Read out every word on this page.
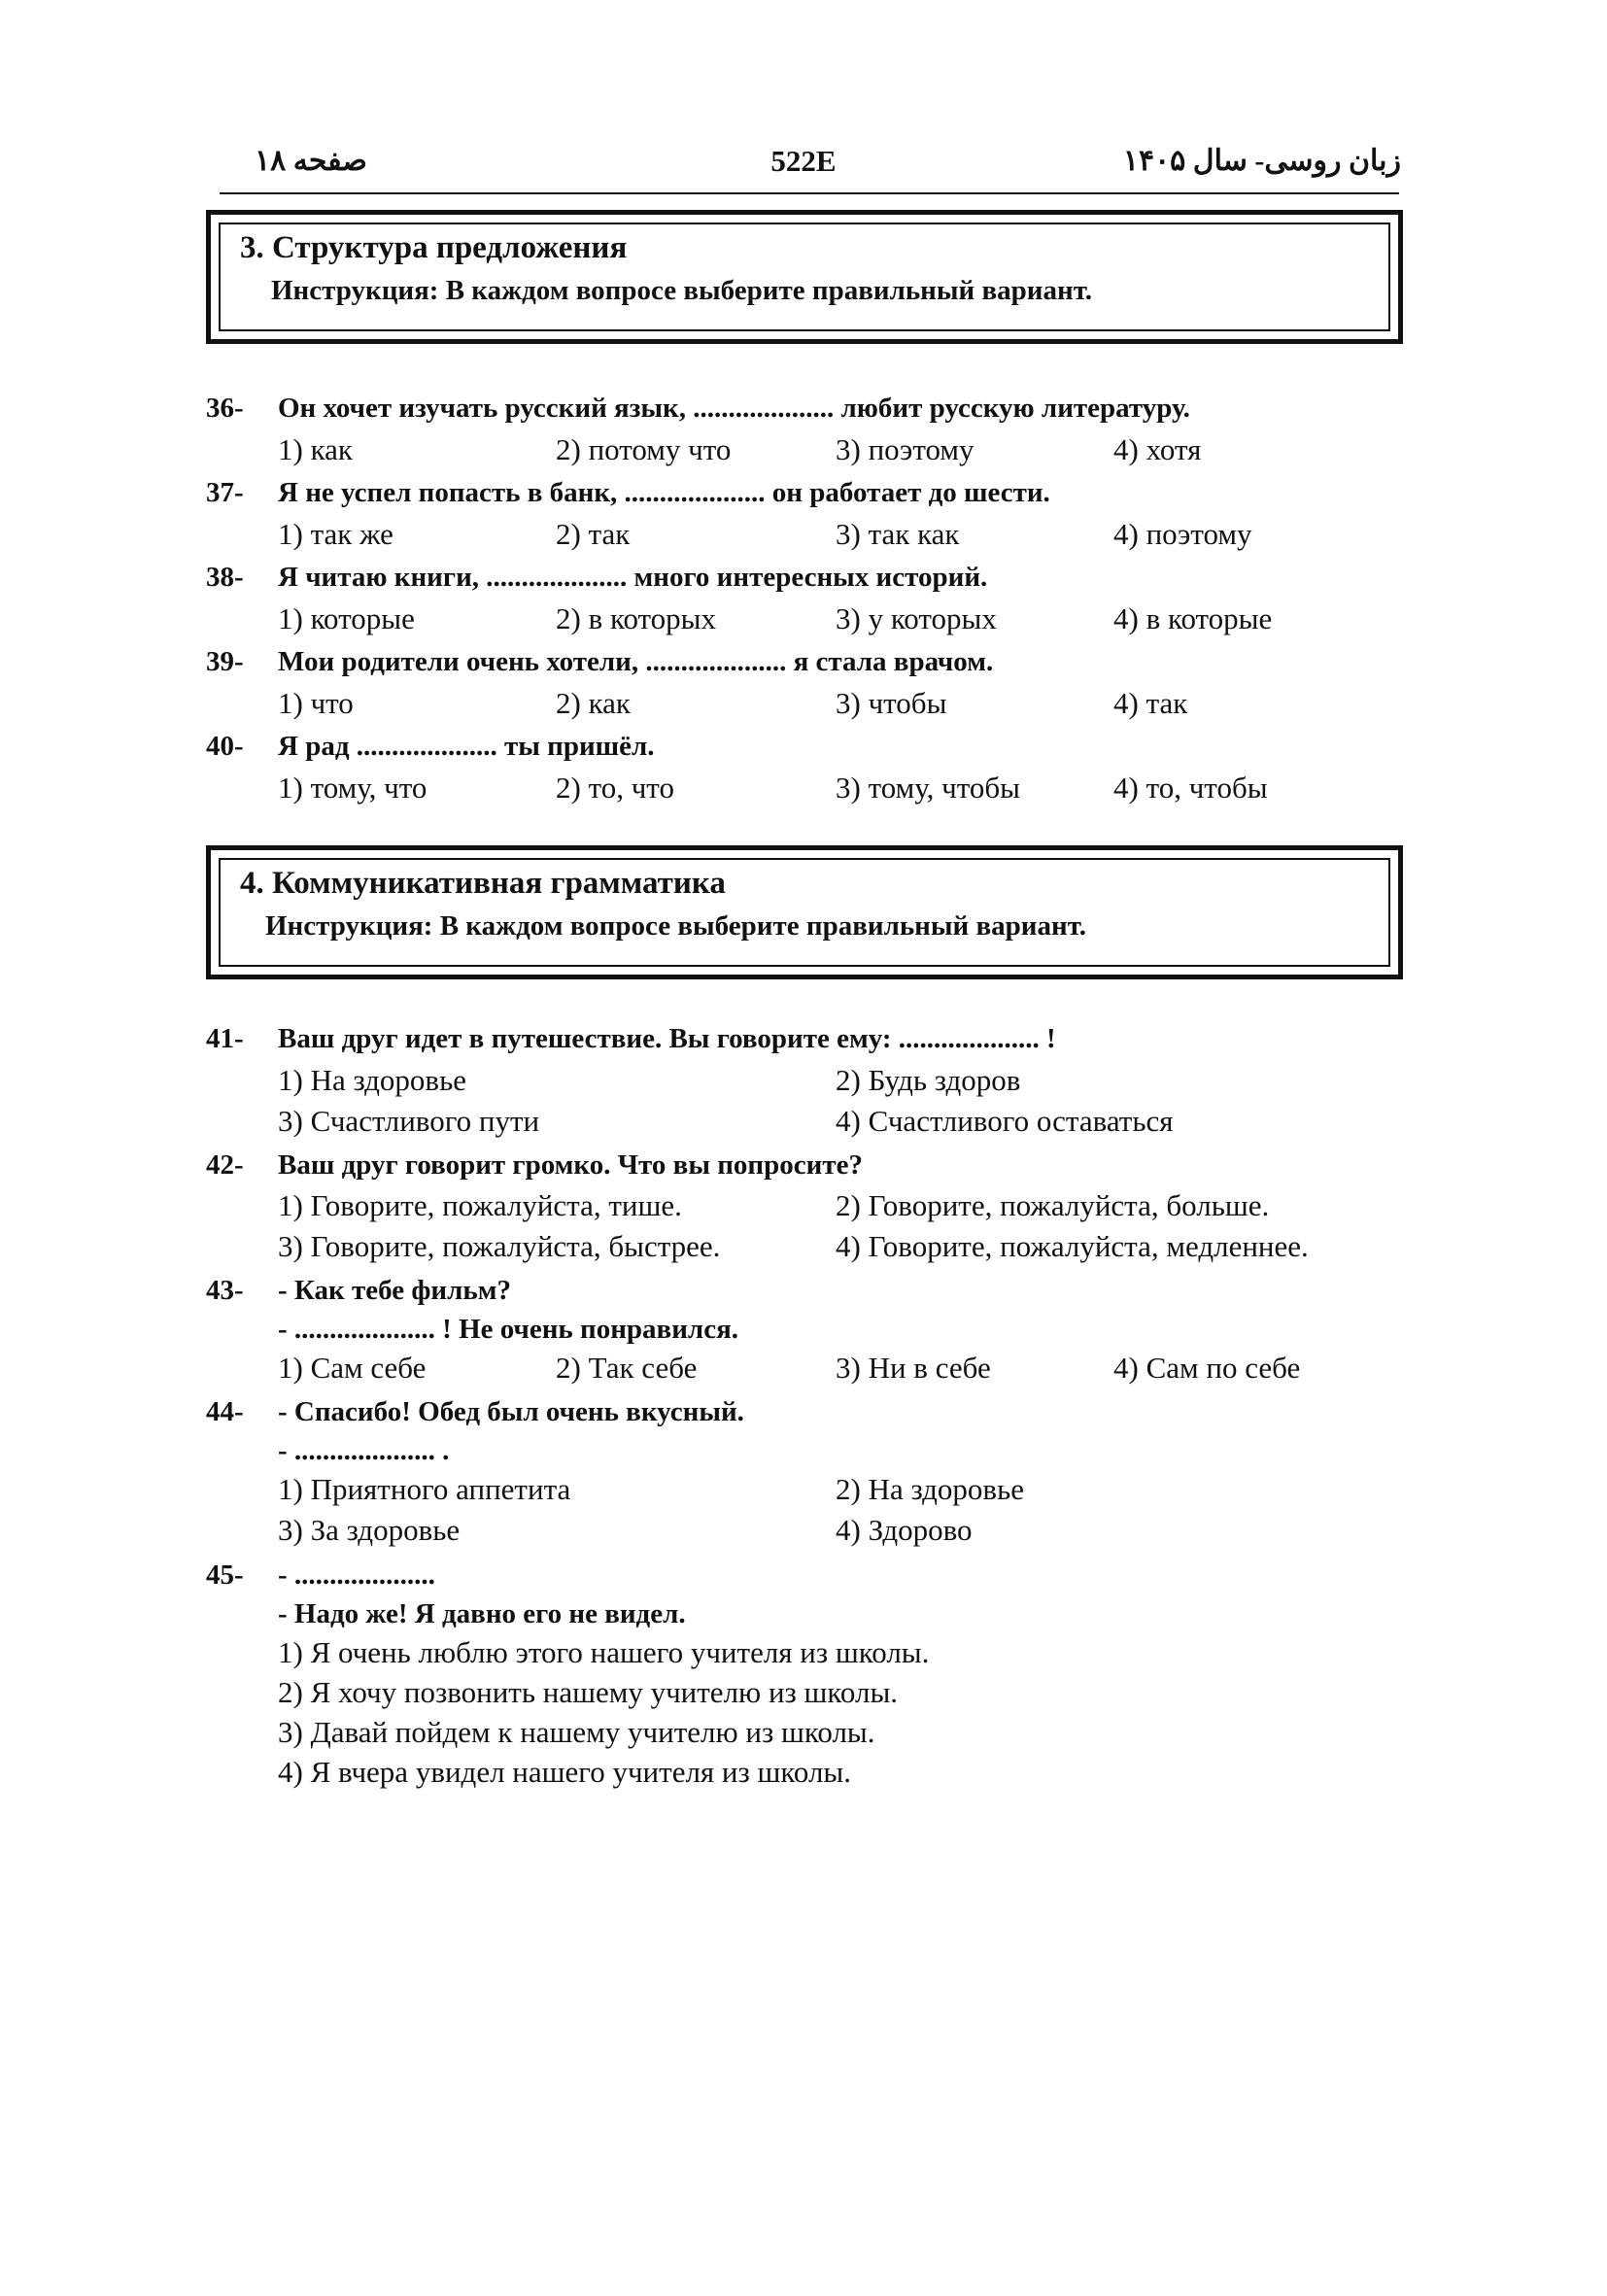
صفحه ۱۸	522E	زبان روسی- سال ۱۴۰۵
3. Структура предложения
Инструкция: В каждом вопросе выберите правильный вариант.
36- Он хочет изучать русский язык, .................... любит русскую литературу.
1) как	2) потому что	3) поэтому	4) хотя
37- Я не успел попасть в банк, .................... он работает до шести.
1) так же	2) так	3) так как	4) поэтому
38- Я читаю книги, .................... много интересных историй.
1) которые	2) в которых	3) у которых	4) в которые
39- Мои родители очень хотели, .................... я стала врачом.
1) что	2) как	3) чтобы	4) так
40- Я рад .................... ты пришёл.
1) тому, что	2) то, что	3) тому, чтобы	4) то, чтобы
4. Коммуникативная грамматика
Инструкция: В каждом вопросе выберите правильный вариант.
41- Ваш друг идет в путешествие. Вы говорите ему: .................... !
1) На здоровье	2) Будь здоров
3) Счастливого пути	4) Счастливого оставаться
42- Ваш друг говорит громко. Что вы попросите?
1) Говорите, пожалуйста, тише.	2) Говорите, пожалуйста, больше.
3) Говорите, пожалуйста, быстрее.	4) Говорите, пожалуйста, медленнее.
43- - Как тебе фильм?
- .................... ! Не очень понравился.
1) Сам себе	2) Так себе	3) Ни в себе	4) Сам по себе
44- - Спасибо! Обед был очень вкусный.
- .................... .
1) Приятного аппетита	2) На здоровье
3) За здоровье	4) Здорово
45- - ....................
- Надо же! Я давно его не видел.
1) Я очень люблю этого нашего учителя из школы.
2) Я хочу позвонить нашему учителю из школы.
3) Давай пойдем к нашему учителю из школы.
4) Я вчера увидел нашего учителя из школы.
